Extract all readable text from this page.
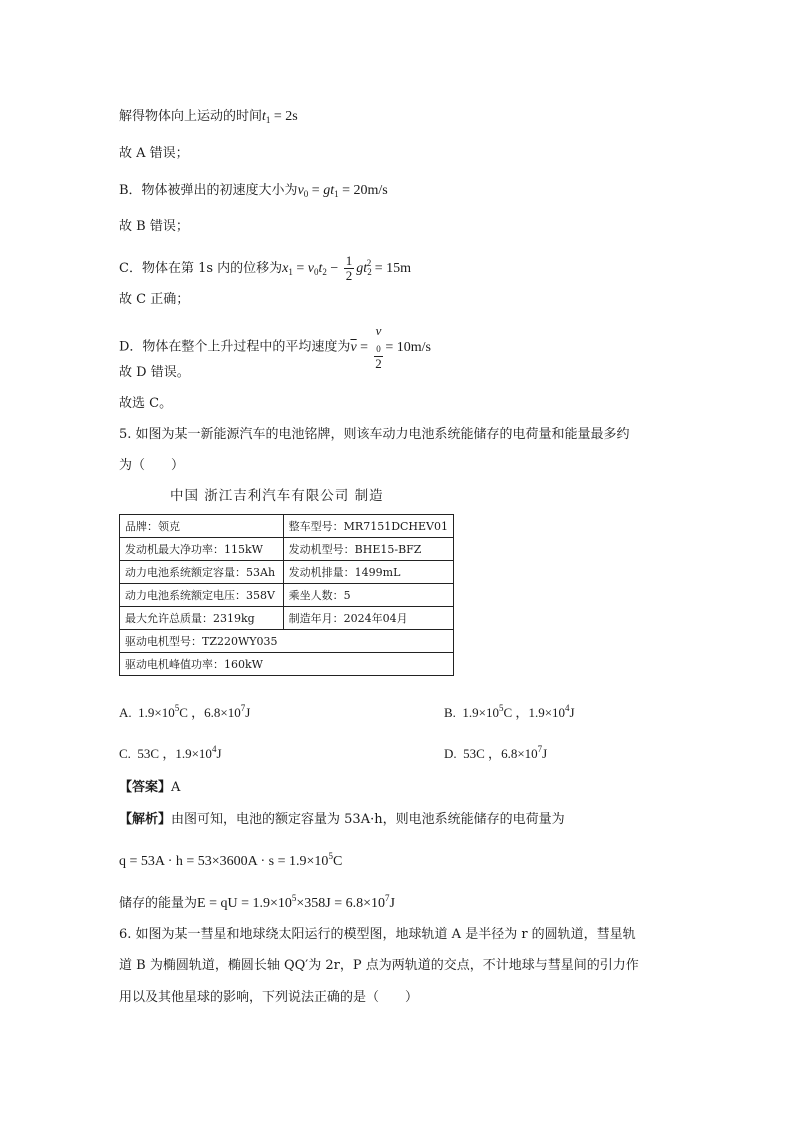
解得物体向上运动的时间$t_1 = 2s$
故 A 错误；
B．物体被弹出的初速度大小为$v_0 = gt_1 = 20m/s$
故 B 错误；
C．物体在第 1s 内的位移为$x_1 = v_0t_2 - \frac{1}{2} gt_2^2 = 15m$
故 C 正确；
D．物体在整个上升过程中的平均速度为$\overline{v} = v$
$_0$
2 = 10m/s
故 D 错误。
故选 C。
5. 如图为某一新能源汽车的电池铭牌，则该车动力电池系统能储存的电荷量和能量最多约
为（　　）
中国 浙江吉利汽车有限公司 制造
品牌：领克	整车型号：MR7151DCHEV01
发动机最大净功率：115kW	发动机型号：BHE15-BFZ
动力电池系统额定容量：53Ah	发动机排量：1499mL
动力电池系统额定电压：358V	乘坐人数：5
最大允许总质量：2319kg	制造年月：2024年04月
驱动电机型号：TZ220WY035	
驱动电机峰值功率：160kW	
A. $1.9\times 10^5C$ ，$6.8\times 10^7J$	B. $1.9\times 10^5C$ ，$1.9\times 10^4J$
C. 53C ，$1.9\times 10^4J$	D. 53C ，$6.8\times 10^7J$
【答案】A
【解析】由图可知，电池的额定容量为 53A·h，则电池系统能储存的电荷量为
$q = 53A \cdot h = 53\times 3600A \cdot s = 1.9\times 10^5C$
储存的能量为E = qU = $1.9\times 10^5\times 358J = 6.8\times 10^7J$
6. 如图为某一彗星和地球绕太阳运行的模型图，地球轨道 A 是半径为 r 的圆轨道，彗星轨
道 B 为椭圆轨道，椭圆长轴 QQ′为 2r，P 点为两轨道的交点，不计地球与彗星间的引力作
用以及其他星球的影响，下列说法正确的是（　　）
